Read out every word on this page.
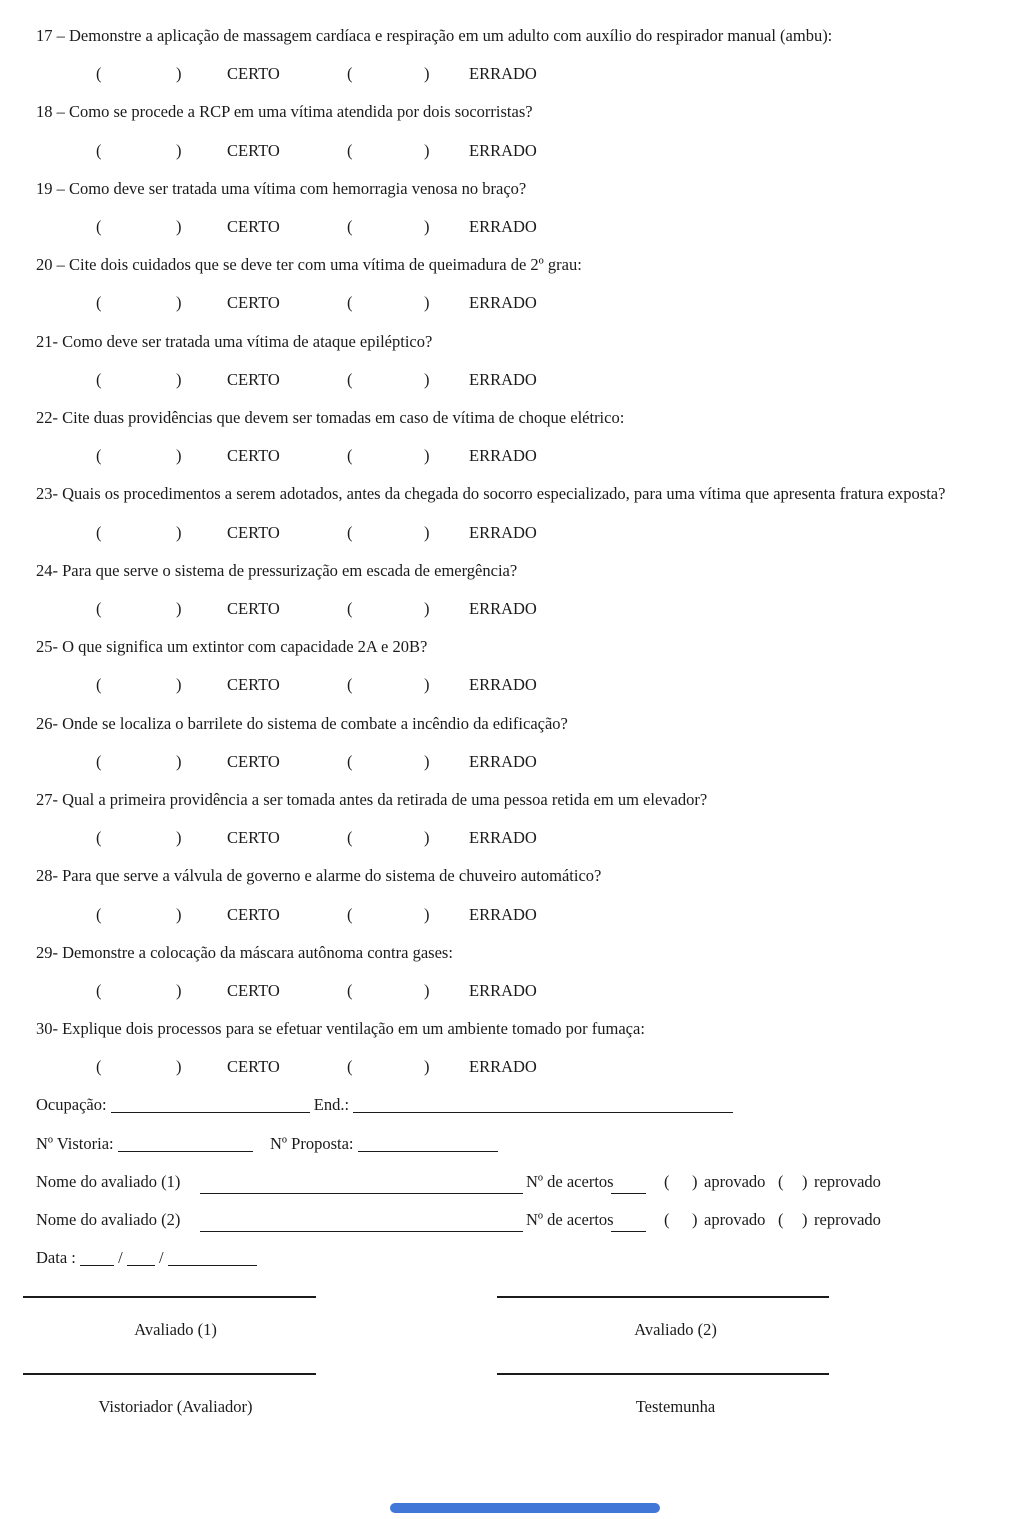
17 – Demonstre a aplicação de massagem cardíaca e respiração em um adulto com auxílio do respirador manual (ambu):

(	)	CERTO	(	) ERRADO

18 – Como se procede a RCP em uma vítima atendida por dois socorristas?

(	)	CERTO	(	) ERRADO

19 – Como deve ser tratada uma vítima com hemorragia venosa no braço?

(	)	CERTO	(	) ERRADO

20 – Cite dois cuidados que se deve ter com uma vítima de queimadura de 2º grau:

(	)	CERTO	(	) ERRADO

21- Como deve ser tratada uma vítima de ataque epiléptico?

(	)	CERTO	(	) ERRADO

22- Cite duas providências que devem ser tomadas em caso de vítima de choque elétrico:

(	)	CERTO	(	) ERRADO

23- Quais os procedimentos a serem adotados, antes da chegada do socorro especializado, para uma vítima que apresenta fratura exposta?

(	)	CERTO	(	) ERRADO

24- Para que serve o sistema de pressurização em escada de emergência?

(	)	CERTO	(	) ERRADO

25- O que significa um extintor com capacidade 2A e 20B?

(	)	CERTO	(	) ERRADO

26- Onde se localiza o barrilete do sistema de combate a incêndio da edificação?

(	)	CERTO	(	) ERRADO

27- Qual a primeira providência a ser tomada antes da retirada de uma pessoa retida em um elevador?

(	)	CERTO	(	) ERRADO

28- Para que serve a válvula de governo e alarme do sistema de chuveiro automático?

(	)	CERTO	(	) ERRADO

29- Demonstre a colocação da máscara autônoma contra gases:

(	)	CERTO	(	) ERRADO

30- Explique dois processos para se efetuar ventilação em um ambiente tomado por fumaça:

(	)	CERTO	(	) ERRADO
Ocupação:	End.:
Nº Vistoria:	Nº Proposta:
Nome do avaliado (1)	Nº de acertos	( ) aprovado ( ) reprovado
Nome do avaliado (2)	Nº de acertos	( ) aprovado ( ) reprovado
Data :	/ /
Avaliado (1)	Avaliado (2)
Vistoriador (Avaliador)	Testemunha
